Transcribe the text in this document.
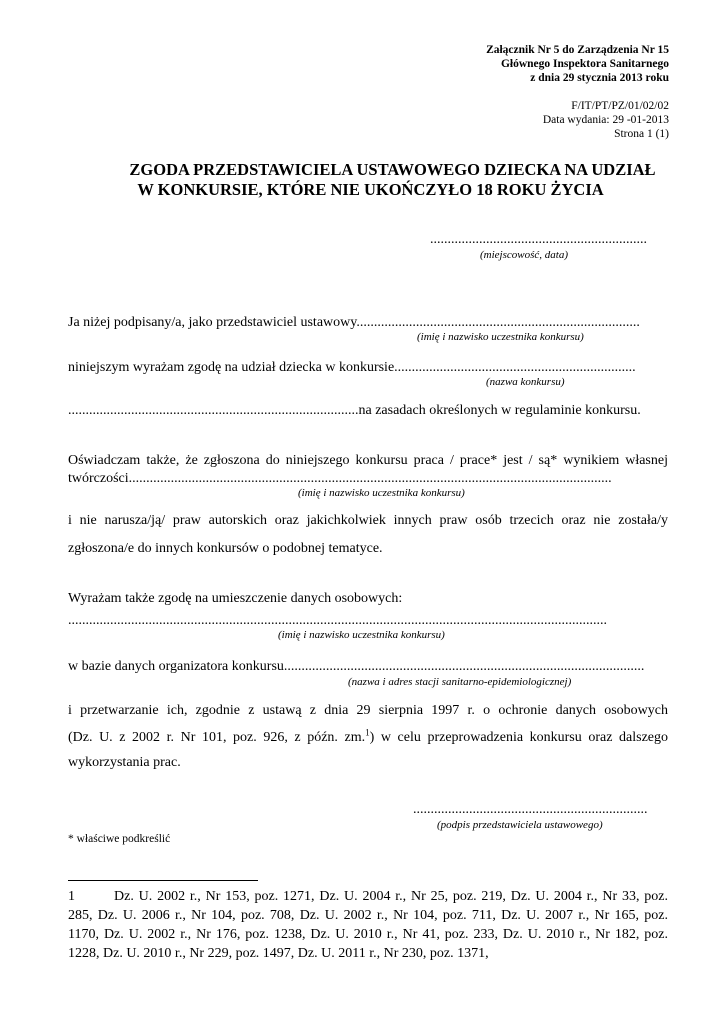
Załącznik Nr 5 do Zarządzenia Nr 15
Głównego Inspektora Sanitarnego
z dnia 29 stycznia 2013 roku
F/IT/PT/PZ/01/02/02
Data wydania: 29 -01-2013
Strona 1 (1)
ZGODA PRZEDSTAWICIELA USTAWOWEGO DZIECKA NA UDZIAŁ
W KONKURSIE, KTÓRE NIE UKOŃCZYŁO 18 ROKU ŻYCIA
..............................................................
(miejscowość, data)
Ja niżej podpisany/a, jako przedstawiciel ustawowy.................................................................................
(imię i nazwisko uczestnika konkursu)
niniejszym wyrażam zgodę na udział dziecka w konkursie.....................................................................
(nazwa konkursu)
...................................................................................na zasadach określonych w regulaminie konkursu.
Oświadczam także, że zgłoszona do niniejszego konkursu praca / prace* jest / są* wynikiem własnej
twórczości..........................................................................................................................................
(imię i nazwisko uczestnika konkursu)
i nie narusza/ją/ praw autorskich oraz jakichkolwiek innych praw osób trzecich oraz nie została/y
zgłoszona/e do innych konkursów o podobnej tematyce.
Wyrażam także zgodę na umieszczenie danych osobowych:
..........................................................................................................................................................
(imię i nazwisko uczestnika konkursu)
w bazie danych organizatora konkursu.......................................................................................................
(nazwa i adres stacji sanitarno-epidemiologicznej)
i przetwarzanie ich, zgodnie z ustawą z dnia 29 sierpnia 1997 r. o ochronie danych osobowych
(Dz. U. z 2002 r. Nr 101, poz. 926, z późn. zm.$^1$) w celu przeprowadzenia konkursu oraz dalszego
wykorzystania prac.
...................................................................
(podpis przedstawiciela ustawowego)
* właściwe podkreślić
1	Dz. U. 2002 r., Nr 153, poz. 1271, Dz. U. 2004 r., Nr 25, poz. 219, Dz. U. 2004 r., Nr 33, poz.
285, Dz. U. 2006 r., Nr 104, poz. 708, Dz. U. 2002 r., Nr 104, poz. 711, Dz. U. 2007 r., Nr 165, poz.
1170, Dz. U. 2002 r., Nr 176, poz. 1238, Dz. U. 2010 r., Nr 41, poz. 233, Dz. U. 2010 r., Nr 182, poz.
1228, Dz. U. 2010 r., Nr 229, poz. 1497, Dz. U. 2011 r., Nr 230, poz. 1371,
